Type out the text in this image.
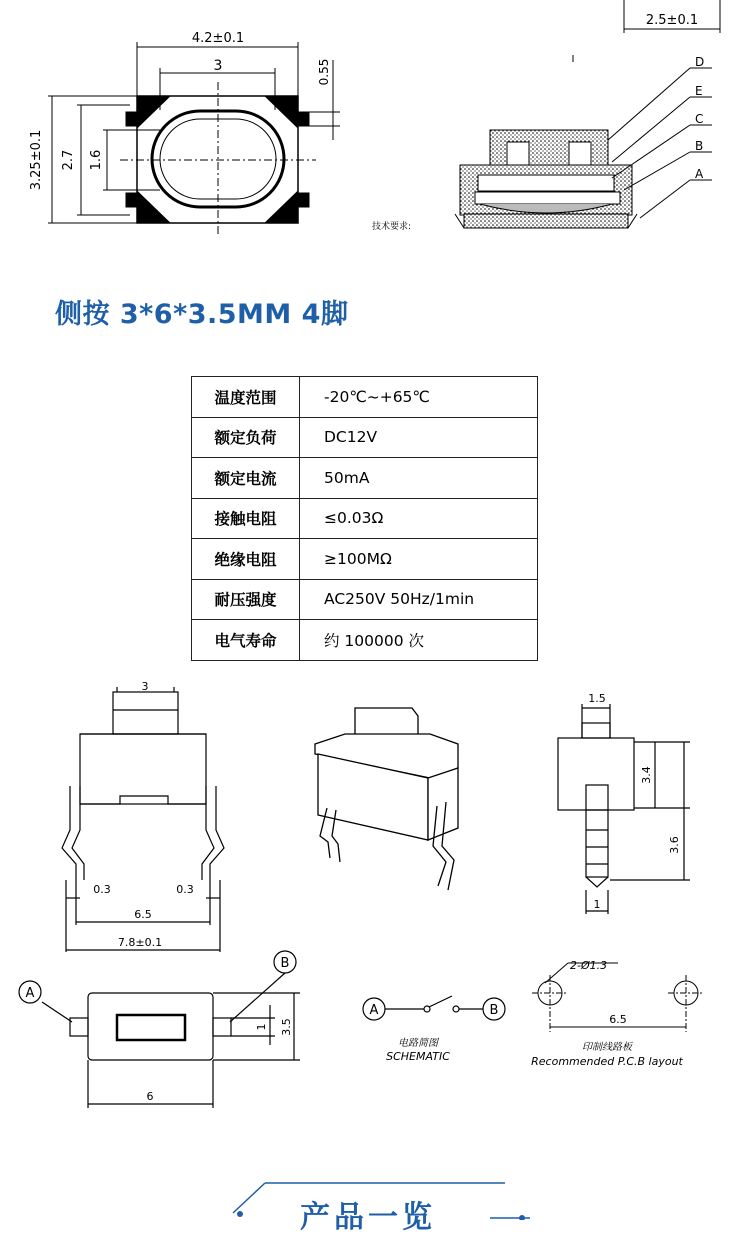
4.2±0.1
3
3.25±0.1 2.7 1.6
0.55
2.5±0.1
D
E
C
B
A
技术要求:
3
0.3	0.3
6.5
7.8±0.1
1.5
3.4
3.6
1
A
B
6
1 3.5
A	B
电路简图
SCHEMATIC
2-Ø1.3
6.5
印制线路板
Recommended P.C.B layout
侧按 3*6*3.5MM 4脚
温度范围	-20℃~+65℃
额定负荷	DC12V
额定电流	50mA
接触电阻	≤0.03Ω
绝缘电阻	≥100MΩ
耐压强度	AC250V 50Hz/1min
电气寿命	约 100000 次
产品一览
